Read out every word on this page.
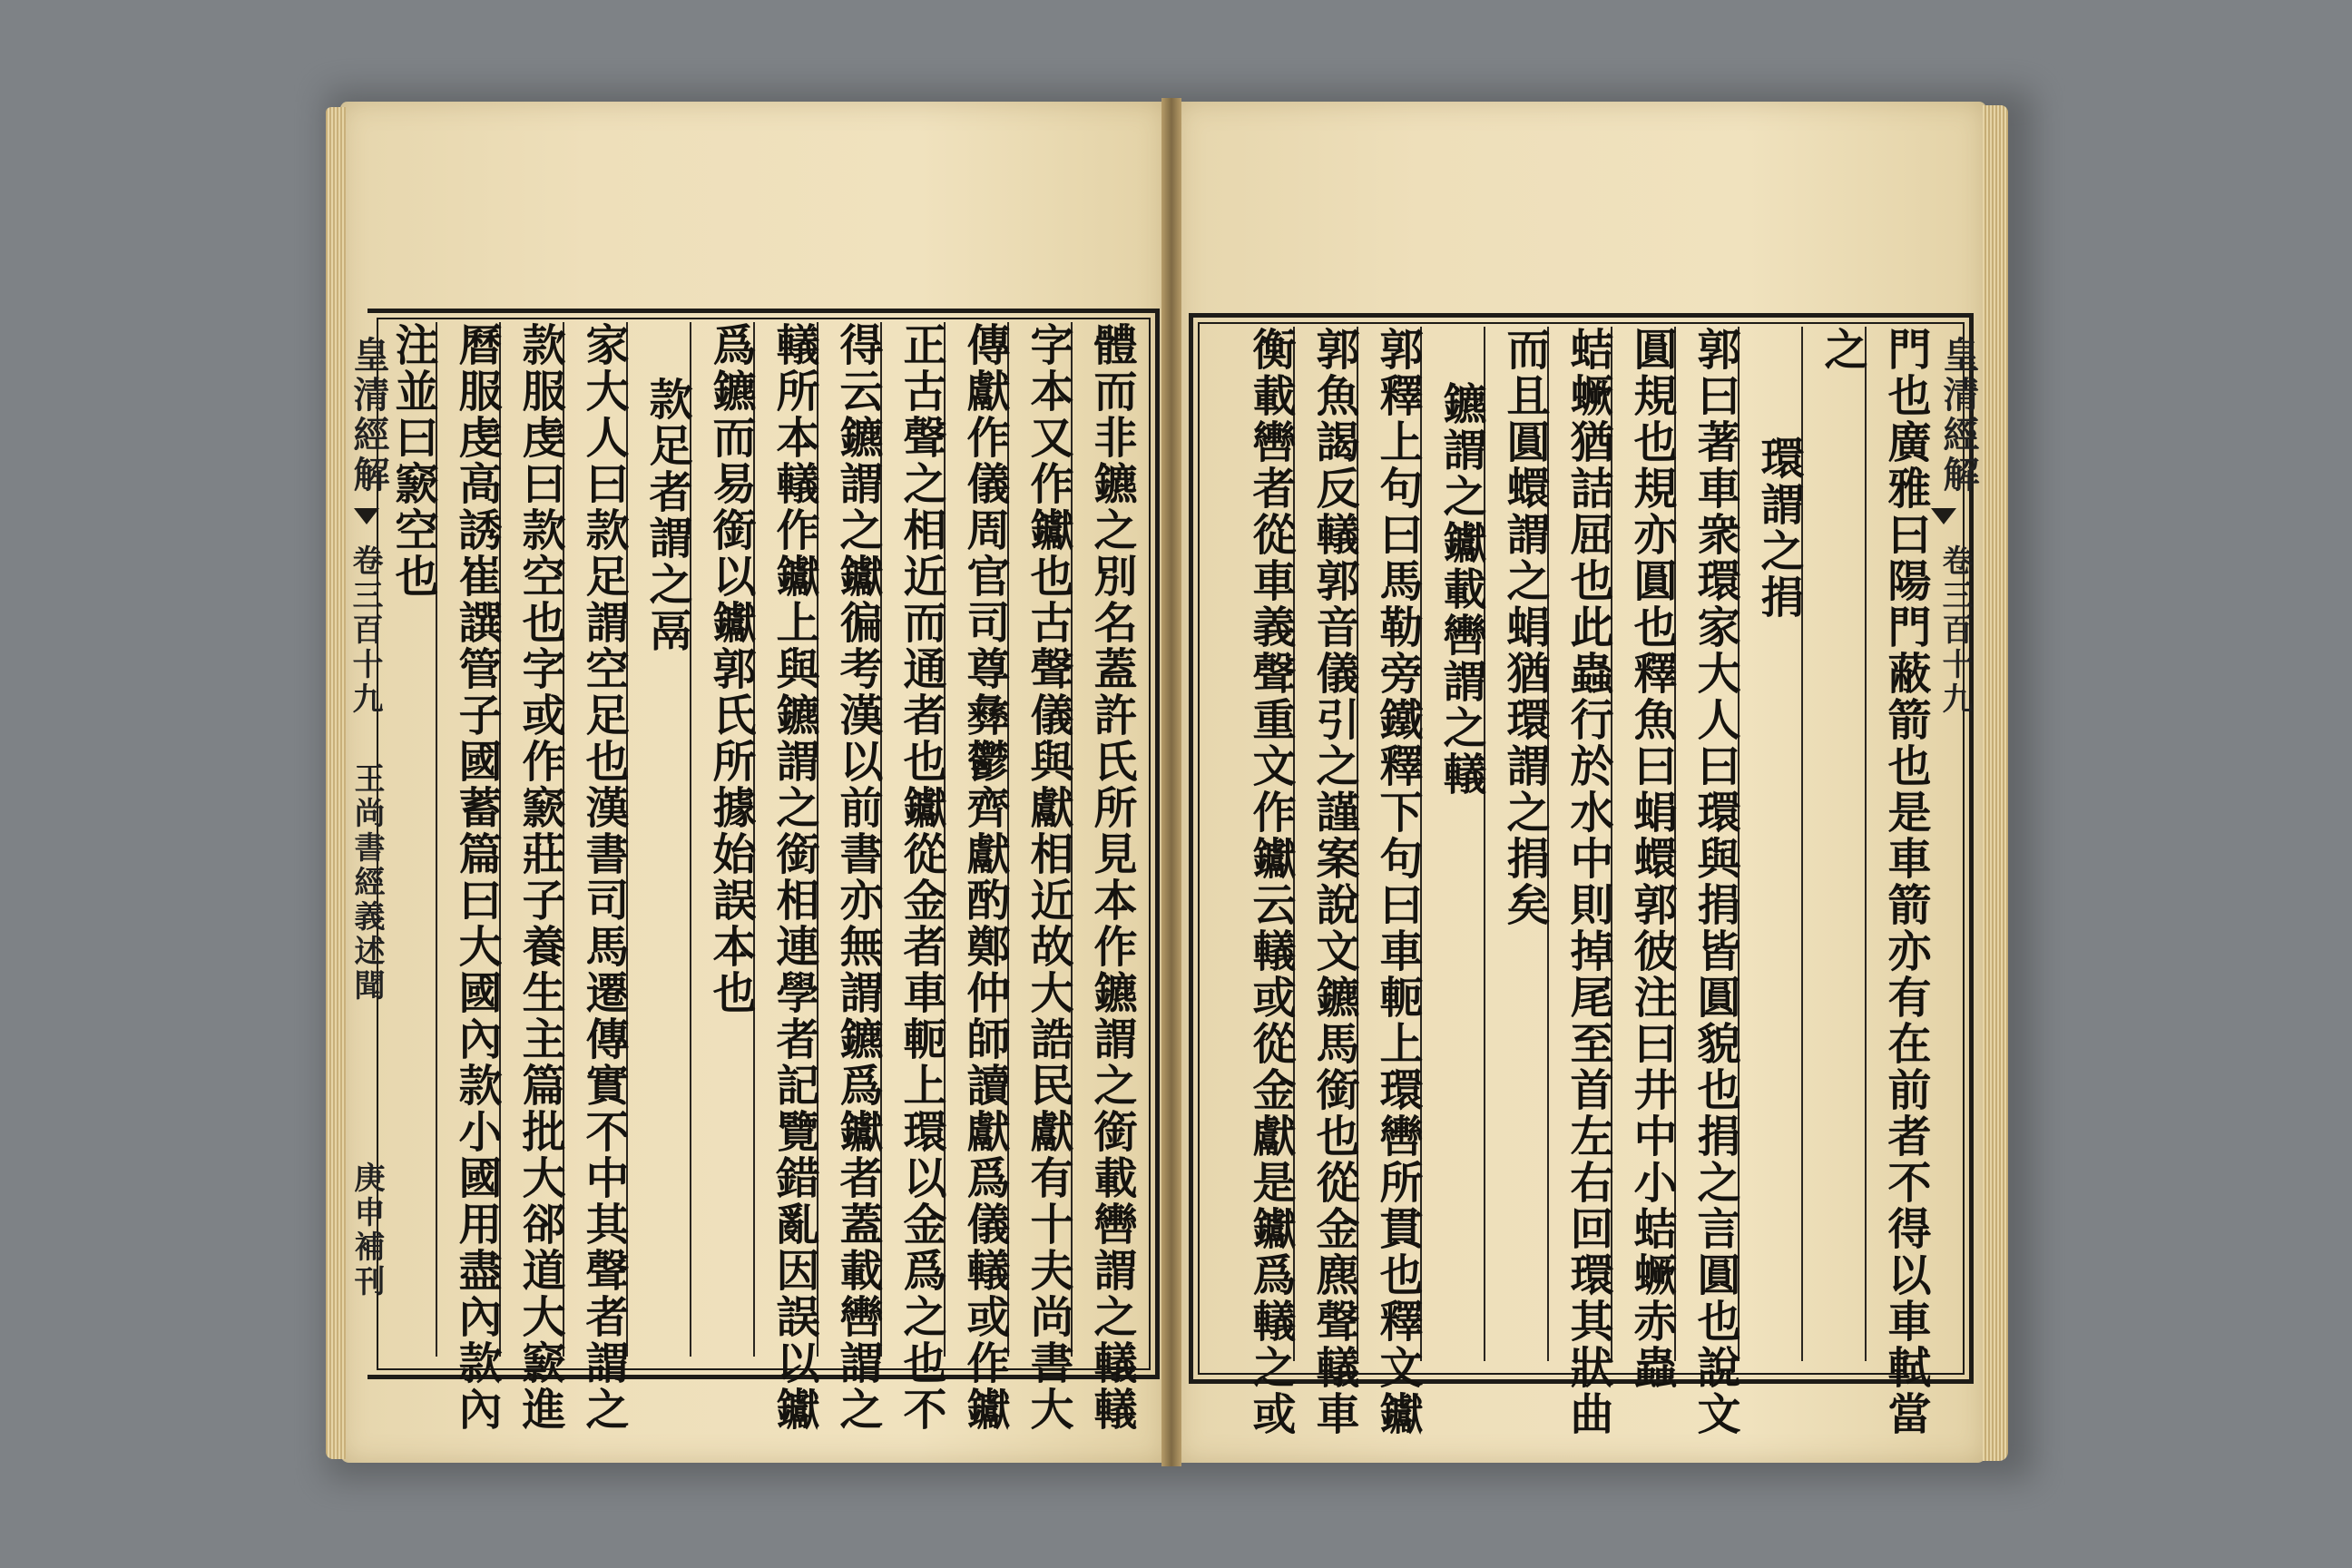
皇清經解
卷三百十九
王尚書經義述聞
庚申補刊	體而非鑣之別名蓋許氏所見本作鑣謂之銜載轡謂之轙轙
字本又作钀也古聲儀與獻相近故大誥民獻有十夫尚書大
傳獻作儀周官司尊彝鬱齊獻酌鄭仲師讀獻爲儀轙或作钀
正古聲之相近而通者也钀從金者車軛上環以金爲之也不
得云鑣謂之钀徧考漢以前書亦無謂鑣爲钀者蓋載轡謂之
轙所本轙作钀上與鑣謂之銜相連學者記覽錯亂因誤以钀
爲鑣而易銜以钀郭氏所據始誤本也
款足者謂之鬲
家大人曰款足謂空足也漢書司馬遷傳實不中其聲者謂之
款服虔曰款空也字或作窾莊子養生主篇批大郤道大窾進
曆服虔高誘崔譔管子國蓄篇曰大國內款小國用盡內款內
注並曰窾空也	皇清經解
卷三百十九
門也廣雅曰陽門蔽箭也是車箭亦有在前者不得以車軾當
之
環謂之捐
郭曰著車衆環家大人曰環與捐皆圓貌也捐之言圓也說文
圓規也規亦圓也釋魚曰蜎蠉郭彼注曰井中小蛣蟩赤蟲
蛣蟩猶詰屈也此蟲行於水中則掉尾至首左右回環其狀曲
而且圓蠉謂之蜎猶環謂之捐矣
鑣謂之钀載轡謂之轙
郭釋上句曰馬勒旁鐵釋下句曰車軛上環轡所貫也釋文钀
郭魚謁反轙郭音儀引之謹案說文鑣馬銜也從金麃聲轙車
衡載轡者從車義聲重文作钀云轙或從金獻是钀爲轙之或
